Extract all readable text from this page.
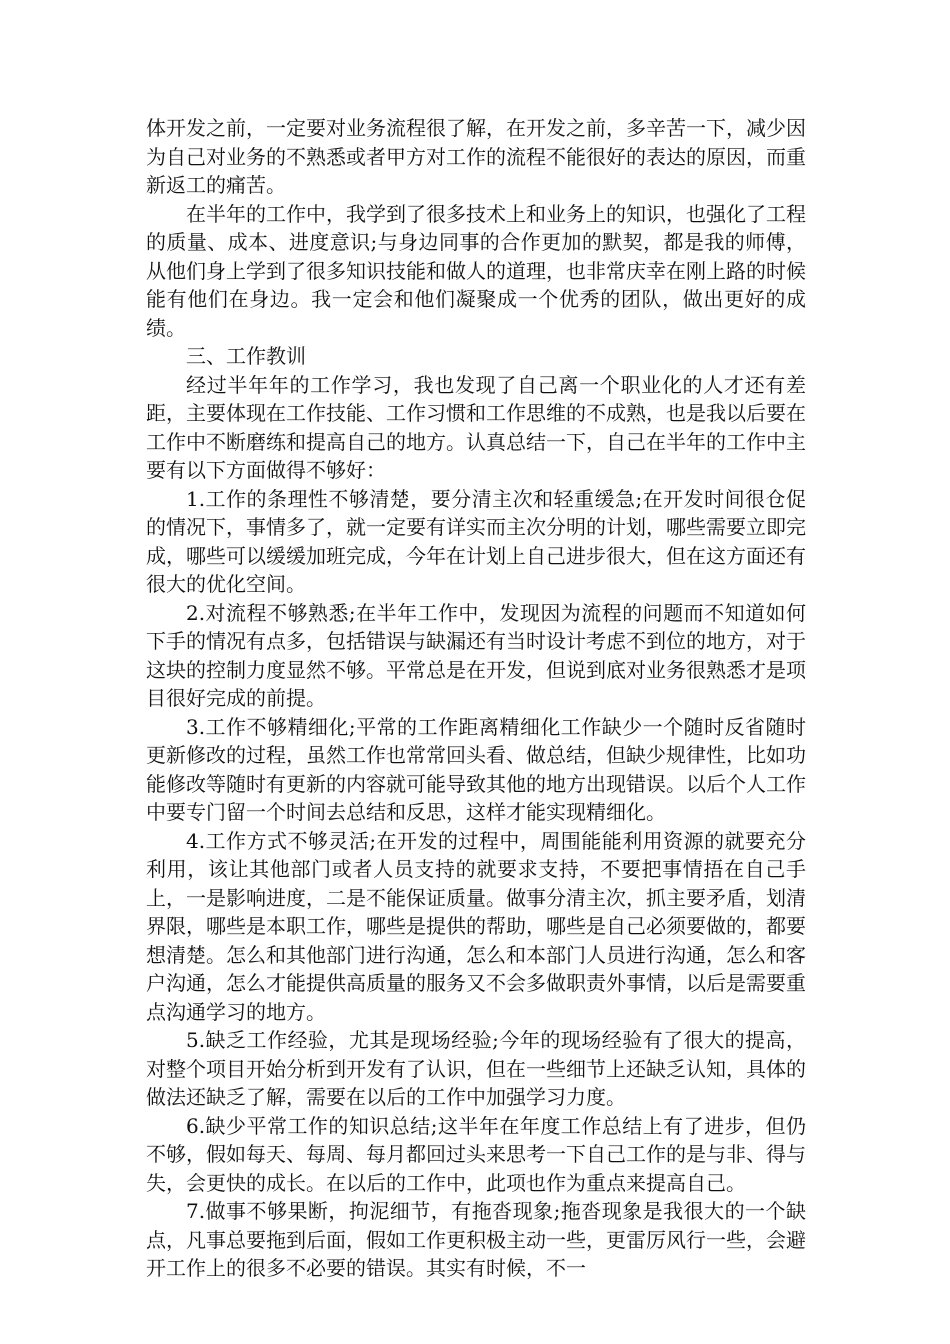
体开发之前，一定要对业务流程很了解，在开发之前，多辛苦一下，减少因为自己对业务的不熟悉或者甲方对工作的流程不能很好的表达的原因，而重新返工的痛苦。

在半年的工作中，我学到了很多技术上和业务上的知识，也强化了工程的质量、成本、进度意识;与身边同事的合作更加的默契，都是我的师傅，从他们身上学到了很多知识技能和做人的道理，也非常庆幸在刚上路的时候能有他们在身边。我一定会和他们凝聚成一个优秀的团队，做出更好的成绩。

三、工作教训

经过半年年的工作学习，我也发现了自己离一个职业化的人才还有差距，主要体现在工作技能、工作习惯和工作思维的不成熟，也是我以后要在工作中不断磨练和提高自己的地方。认真总结一下，自己在半年的工作中主要有以下方面做得不够好：

1.工作的条理性不够清楚，要分清主次和轻重缓急;在开发时间很仓促的情况下，事情多了，就一定要有详实而主次分明的计划，哪些需要立即完成，哪些可以缓缓加班完成，今年在计划上自己进步很大，但在这方面还有很大的优化空间。

2.对流程不够熟悉;在半年工作中，发现因为流程的问题而不知道如何下手的情况有点多，包括错误与缺漏还有当时设计考虑不到位的地方，对于这块的控制力度显然不够。平常总是在开发，但说到底对业务很熟悉才是项目很好完成的前提。

3.工作不够精细化;平常的工作距离精细化工作缺少一个随时反省随时更新修改的过程，虽然工作也常常回头看、做总结，但缺少规律性，比如功能修改等随时有更新的内容就可能导致其他的地方出现错误。以后个人工作中要专门留一个时间去总结和反思，这样才能实现精细化。

4.工作方式不够灵活;在开发的过程中，周围能能利用资源的就要充分利用，该让其他部门或者人员支持的就要求支持，不要把事情捂在自己手上，一是影响进度，二是不能保证质量。做事分清主次，抓主要矛盾，划清界限，哪些是本职工作，哪些是提供的帮助，哪些是自己必须要做的，都要想清楚。怎么和其他部门进行沟通，怎么和本部门人员进行沟通，怎么和客户沟通，怎么才能提供高质量的服务又不会多做职责外事情，以后是需要重点沟通学习的地方。

5.缺乏工作经验，尤其是现场经验;今年的现场经验有了很大的提高，对整个项目开始分析到开发有了认识，但在一些细节上还缺乏认知，具体的做法还缺乏了解，需要在以后的工作中加强学习力度。

6.缺少平常工作的知识总结;这半年在年度工作总结上有了进步，但仍不够，假如每天、每周、每月都回过头来思考一下自己工作的是与非、得与失，会更快的成长。在以后的工作中，此项也作为重点来提高自己。

7.做事不够果断，拘泥细节，有拖沓现象;拖沓现象是我很大的一个缺点，凡事总要拖到后面，假如工作更积极主动一些，更雷厉风行一些，会避开工作上的很多不必要的错误。其实有时候，不一
